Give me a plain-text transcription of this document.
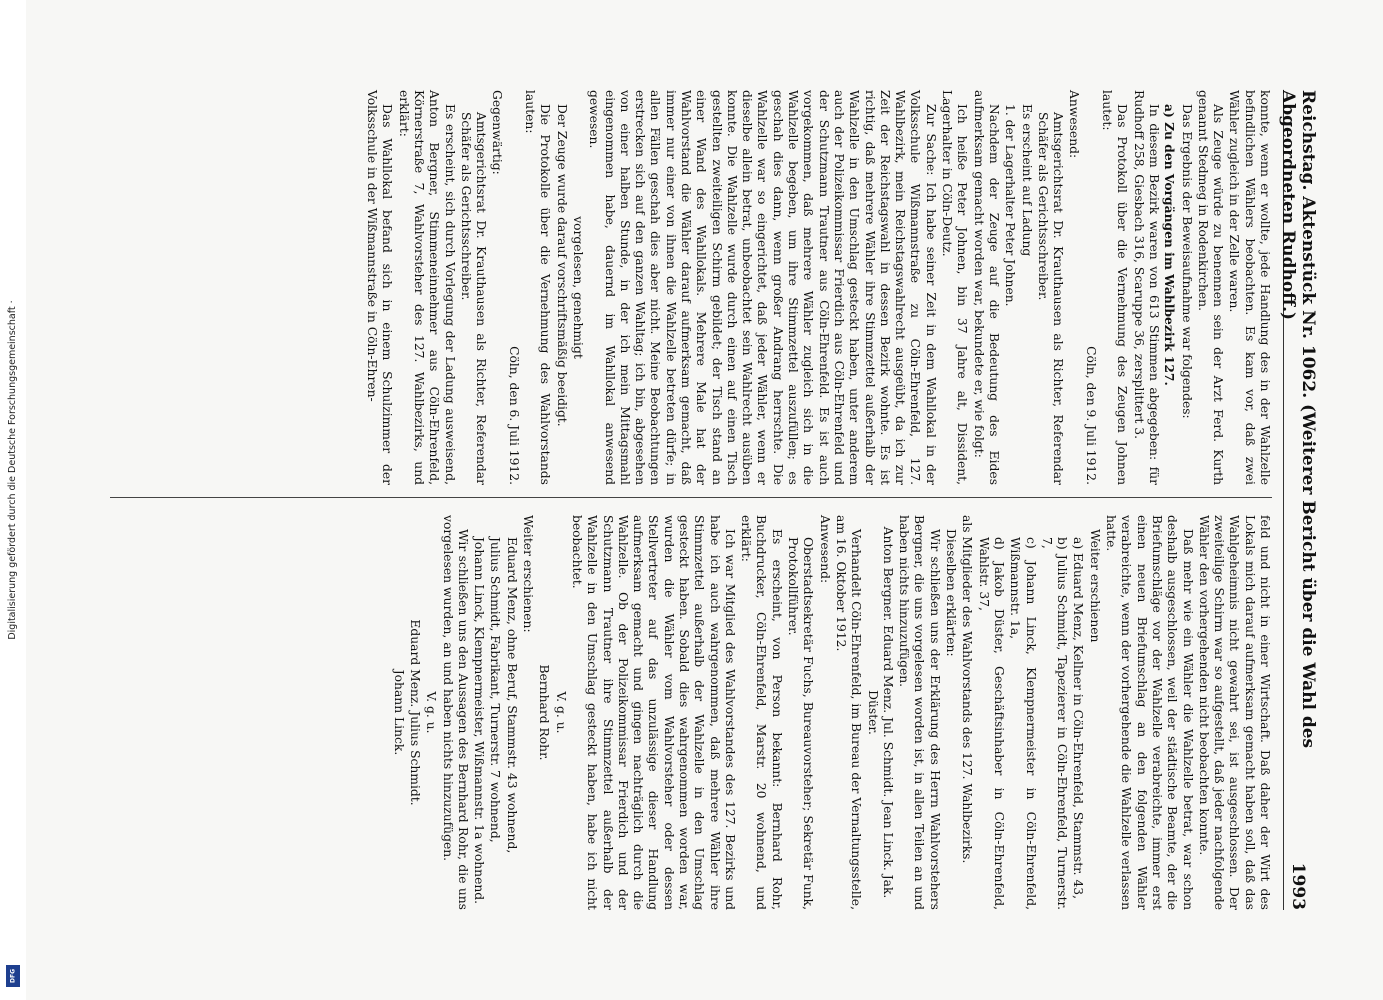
Digitalisierung gefördert durch die Deutsche Forschungsgemeinschaft ·
DFG
Reichstag. Aktenstück Nr. 1062. (Weiterer Bericht über die Wahl des Abgeordneten Rudhoff.)
1993

konnte, wenn er wollte, jede Handlung des in der Wahlzelle befindlichen Wählers beobachten. Es kam vor, daß zwei Wähler zugleich in der Zelle waren.

Als Zeuge würde zu benennen sein der Arzt Ferd. Kurth genannt Stedmeg in Rodenkirchen.

Das Ergebnis der Beweisaufnahme war folgendes:

a) Zu den Vorgängen im Wahlbezirk 127.

In diesem Bezirk waren von 613 Stimmen abgegeben: für Rudhoff 258, Giesbach 316, Scaruppe 36, zersplittert 3.

Das Protokoll über die Vernehmung des Zeugen Johnen lautet:

Cöln, den 9. Juli 1912.

Anwesend:

Amtsgerichtsrat Dr. Krauthausen als Richter, Referendar Schäfer als Gerichtsschreiber.

Es erscheint auf Ladung

1. der Lagerhalter Peter Johnen.

Nachdem der Zeuge auf die Bedeutung des Eides aufmerksam gemacht worden war, bekundete er, wie folgt:

Ich heiße Peter Johnen, bin 37 Jahre alt, Dissident, Lagerhalter in Cöln-Deutz.

Zur Sache: Ich habe seiner Zeit in dem Wahllokal in der Volksschule Wißmannstraße zu Cöln-Ehrenfeld, 127. Wahlbezirk, mein Reichstagswahlrecht ausgeübt, da ich zur Zeit der Reichstagswahl in dessen Bezirk wohnte. Es ist richtig, daß mehrere Wähler ihre Stimmzettel außerhalb der Wahlzelle in den Umschlag gesteckt haben, unter anderem auch der Polizeikommissar Frierdich aus Cöln-Ehrenfeld und der Schutzmann Trautner aus Cöln-Ehrenfeld. Es ist auch vorgekommen, daß mehrere Wähler zugleich sich in die Wahlzelle begeben, um ihre Stimmzettel auszufüllen; es geschah dies dann, wenn großer Andrang herrschte. Die Wahlzelle war so eingerichtet, daß jeder Wähler, wenn er dieselbe allein betrat, unbeobachtet sein Wahlrecht ausüben konnte. Die Wahlzelle wurde durch einen auf einen Tisch gestellten zweiteiligen Schirm gebildet; der Tisch stand an einer Wand des Wahllokals. Mehrere Male hat der Wahlvorstand die Wähler darauf aufmerksam gemacht, daß immer nur einer von ihnen die Wahlzelle betreten dürfe; in allen Fällen geschah dies aber nicht. Meine Beobachtungen erstrecken sich auf den ganzen Wahltag; ich bin, abgesehen von einer halben Stunde, in der ich mein Mittagsmahl eingenommen habe, dauernd im Wahllokal anwesend gewesen.

vorgelesen, genehmigt

Der Zeuge wurde darauf vorschriftsmäßig beeidigt.

Die Protokolle über die Vernehmung des Wahlvorstands lauten:

Cöln, den 6. Juli 1912.

Gegenwärtig:

Amtsgerichtsrat Dr. Krauthausen als Richter, Referendar Schäfer als Gerichtsschreiber.

Es erscheint, sich durch Vorlegung der Ladung ausweisend, Anton Bergner, Stimmeneinnehmer aus Cöln-Ehrenfeld, Körnerstraße 7, Wahlvorsteher des 127. Wahlbezirks, und erklärt:

Das Wahllokal befand sich in einem Schulzimmer der Volksschule in der Wißmannstraße in Cöln-Ehren-

feld und nicht in einer Wirtschaft. Daß daher der Wirt des Lokals mich darauf aufmerksam gemacht haben soll, daß das Wahlgeheimnis nicht gewahrt sei, ist ausgeschlossen. Der zweiteilige Schirm war so aufgestellt, daß jeder nachfolgende Wähler den vorhergehenden nicht beobachten konnte.

Daß mehr wie ein Wähler die Wahlzelle betrat, war schon deshalb ausgeschlossen, weil der städtische Beamte, der die Briefumschläge vor der Wahlzelle verabreichte, immer erst einen neuen Briefumschlag an den folgenden Wähler verabreichte, wenn der vorhergehende die Wahlzelle verlassen hatte.

Weiter erschienen

a) Eduard Menz, Kellner in Cöln-Ehrenfeld, Stammstr. 43,

b) Julius Schmidt, Tapezierer in Cöln-Ehrenfeld, Turnerstr. 7,

c) Johann Linck, Klempnermeister in Cöln-Ehrenfeld, Wißmannstr. 1a,

d) Jakob Düster, Geschäftsinhaber in Cöln-Ehrenfeld, Wahlstr. 37,

als Mitglieder des Wahlvorstands des 127. Wahlbezirks.

Dieselben erklärten:

Wir schließen uns der Erklärung des Herrn Wahlvorstehers Bergner, die uns vorgelesen worden ist, in allen Teilen an und haben nichts hinzuzufügen.

Anton Bergner. Eduard Menz. Jul. Schmidt. Jean Linck. Jak. Düster.

Verhandelt Cöln-Ehrenfeld, im Bureau der Vernaltungsstelle, am 16. Oktober 1912.

Anwesend:

Oberstadtsekretär Fuchs, Bureauvorsteher; Sekretär Funk, Protokollführer.

Es erscheint, von Person bekannt: Bernhard Rohr, Buchdrucker, Cöln-Ehrenfeld, Marstr. 20 wohnend, und erklärt:

Ich war Mitglied des Wahlvorstandes des 127. Bezirks und habe ich auch wahrgenommen, daß mehrere Wähler ihre Stimmzettel außerhalb der Wahlzelle in den Umschlag gesteckt haben. Sobald dies wahrgenommen worden war, wurden die Wähler vom Wahlvorsteher oder dessen Stellvertreter auf das unzulässige dieser Handlung aufmerksam gemacht und gingen nachträglich durch die Wahlzelle. Ob der Polizeikommissar Frierdich und der Schutzmann Trautner ihre Stimmzettel außerhalb der Wahlzelle in den Umschlag gesteckt haben, habe ich nicht beobachtet.

V. g. u.

Bernhard Rohr.

Weiter erschienen:

Eduard Menz, ohne Beruf, Stammstr. 43 wohnend,

Julius Schmidt, Fabrikant, Turnerstr. 7 wohnend,

Johann Linck, Klempnermeister, Wißmannstr. 1a wohnend.

Wir schließen uns den Aussagen des Bernhard Rohr, die uns vorgelesen wurden, an und haben nichts hinzuzufügen.

V. g. u.

Eduard Menz. Julius Schmidt.

Johann Linck.
